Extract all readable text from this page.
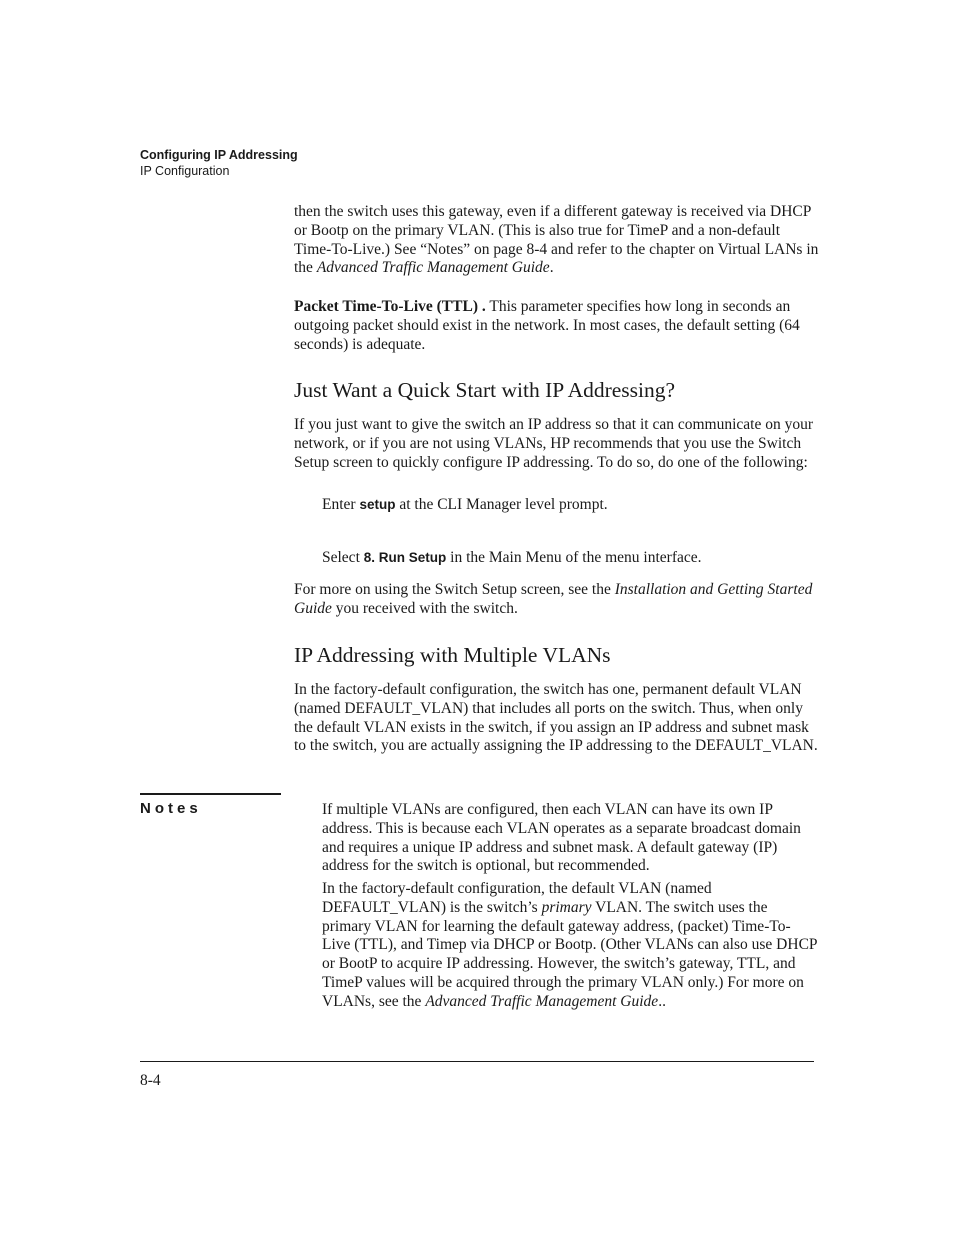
Configuring IP Addressing
IP Configuration

then the switch uses this gateway, even if a different gateway is received via DHCP or Bootp on the primary VLAN. (This is also true for TimeP and a non-default Time-To-Live.) See “Notes” on page 8-4 and refer to the chapter on Virtual LANs in the Advanced Traffic Management Guide.

Packet Time-To-Live (TTL) . This parameter specifies how long in seconds an outgoing packet should exist in the network. In most cases, the default setting (64 seconds) is adequate.

Just Want a Quick Start with IP Addressing?

If you just want to give the switch an IP address so that it can communicate on your network, or if you are not using VLANs, HP recommends that you use the Switch Setup screen to quickly configure IP addressing. To do so, do one of the following:

Enter setup at the CLI Manager level prompt.

Select 8. Run Setup in the Main Menu of the menu interface.

For more on using the Switch Setup screen, see the Installation and Getting Started Guide you received with the switch.

IP Addressing with Multiple VLANs

In the factory-default configuration, the switch has one, permanent default VLAN (named DEFAULT_VLAN) that includes all ports on the switch. Thus, when only the default VLAN exists in the switch, if you assign an IP address and subnet mask to the switch, you are actually assigning the IP addressing to the DEFAULT_VLAN.

Notes	If multiple VLANs are configured, then each VLAN can have its own IP address. This is because each VLAN operates as a separate broadcast domain and requires a unique IP address and subnet mask. A default gateway (IP) address for the switch is optional, but recommended.

In the factory-default configuration, the default VLAN (named DEFAULT_VLAN) is the switch’s primary VLAN. The switch uses the primary VLAN for learning the default gateway address, (packet) Time-To-Live (TTL), and Timep via DHCP or Bootp. (Other VLANs can also use DHCP or BootP to acquire IP addressing. However, the switch’s gateway, TTL, and TimeP values will be acquired through the primary VLAN only.) For more on VLANs, see the Advanced Traffic Management Guide..

8-4
